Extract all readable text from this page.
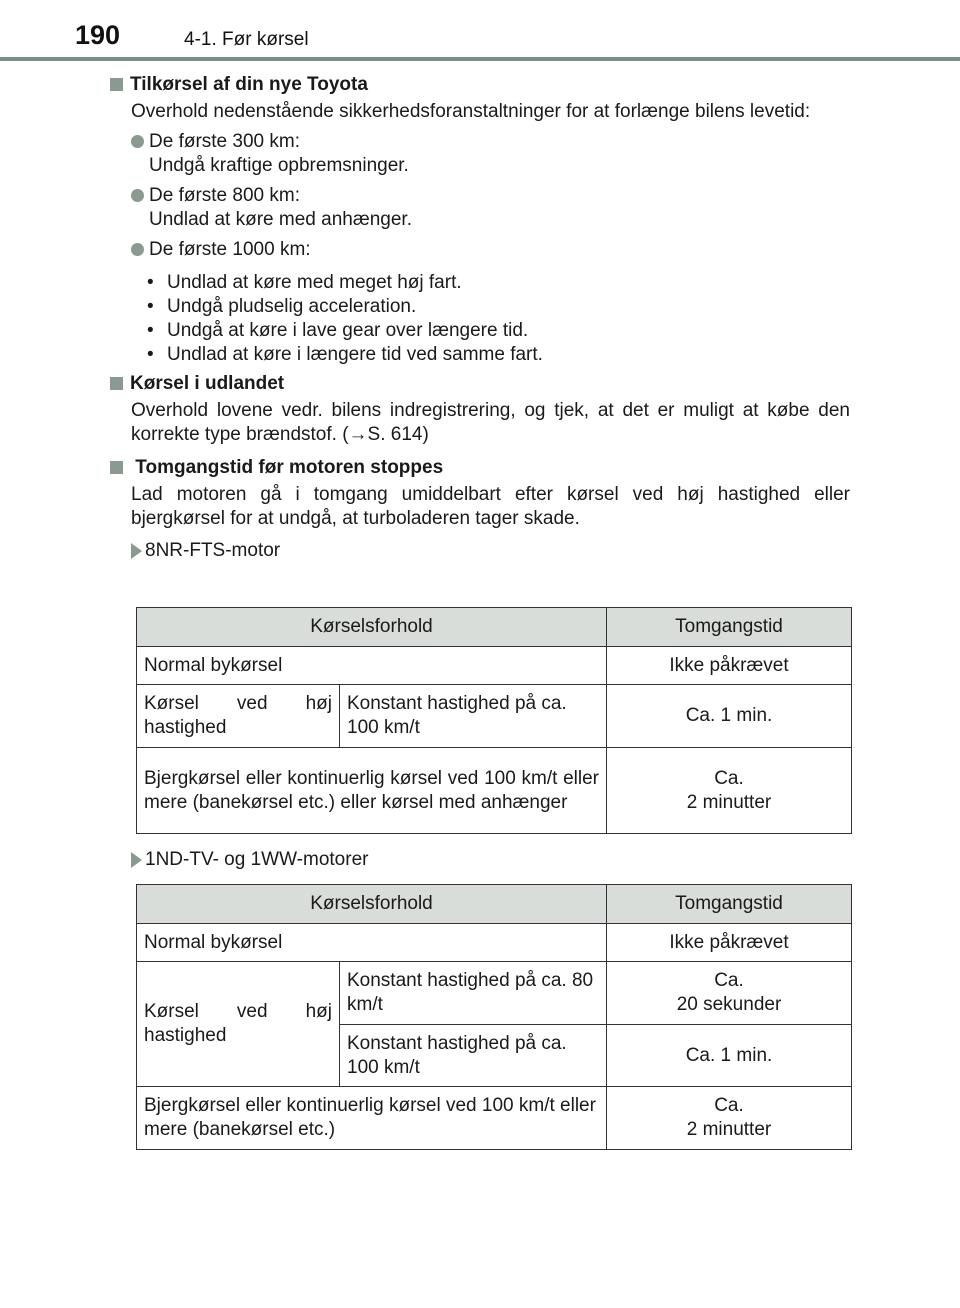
190	4-1. Før kørsel
Tilkørsel af din nye Toyota
Overhold nedenstående sikkerhedsforanstaltninger for at forlænge bilens levetid:
De første 300 km:
Undgå kraftige opbremsninger.
De første 800 km:
Undlad at køre med anhænger.
De første 1000 km:
• Undlad at køre med meget høj fart.
• Undgå pludselig acceleration.
• Undgå at køre i lave gear over længere tid.
• Undlad at køre i længere tid ved samme fart.
Kørsel i udlandet
Overhold lovene vedr. bilens indregistrering, og tjek, at det er muligt at købe den korrekte type brændstof. (→S. 614)
Tomgangstid før motoren stoppes
Lad motoren gå i tomgang umiddelbart efter kørsel ved høj hastighed eller bjergkørsel for at undgå, at turboladeren tager skade.
8NR-FTS-motor
Kørselsforhold		Tomgangstid
Normal bykørsel		Ikke påkrævet
Kørsel ved høj hastighed	Konstant hastighed på ca. 100 km/t	Ca. 1 min.
Bjergkørsel eller kontinuerlig kørsel ved 100 km/t eller mere (banekørsel etc.) eller kørsel med anhænger		Ca.
2 minutter
1ND-TV- og 1WW-motorer
Kørselsforhold		Tomgangstid
Normal bykørsel		Ikke påkrævet
Kørsel ved høj hastighed	Konstant hastighed på ca. 80 km/t	Ca.
20 sekunder

	Konstant hastighed på ca. 100 km/t	Ca. 1 min.
Bjergkørsel eller kontinuerlig kørsel ved 100 km/t eller mere (banekørsel etc.)		Ca.
2 minutter
